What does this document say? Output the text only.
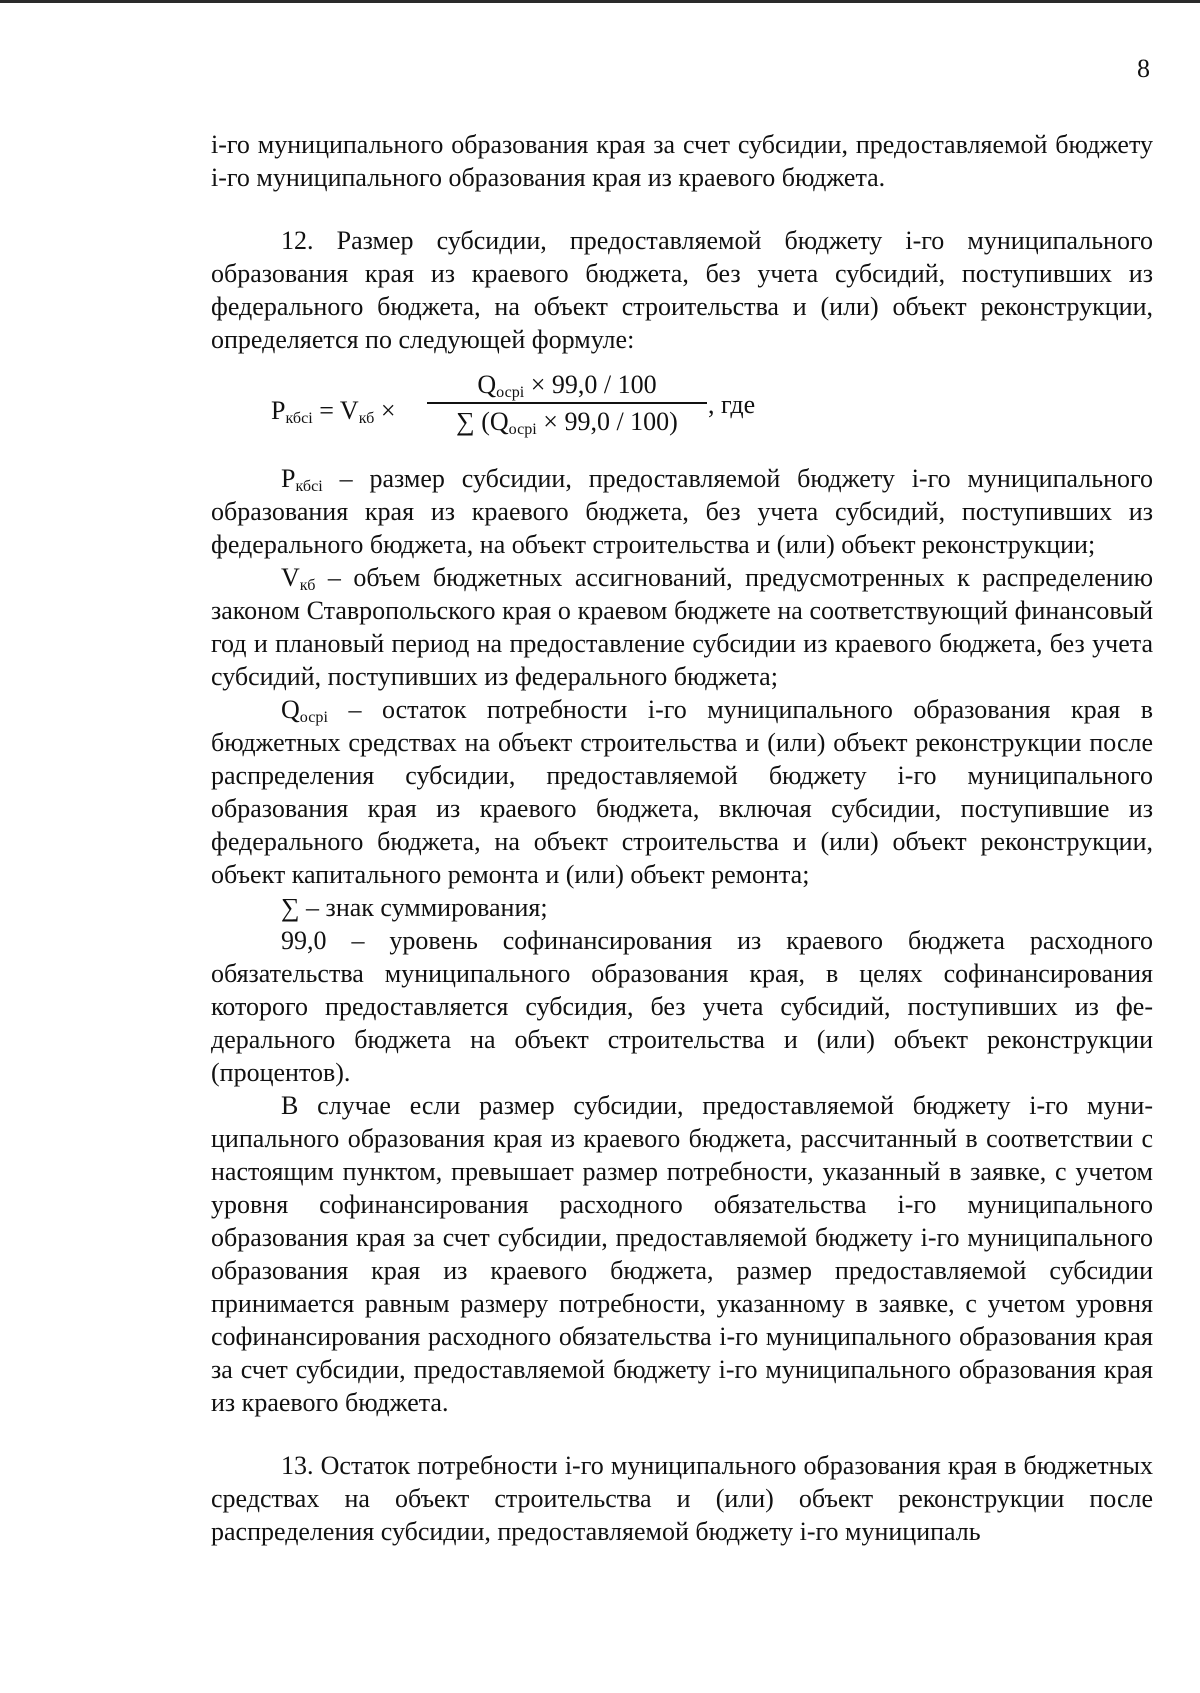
8

i-го муниципального образования края за счет субсидии, предоставляемой бюджету i-го муниципального образования края из краевого бюджета.

12. Размер субсидии, предоставляемой бюджету i-го муниципального образования края из краевого бюджета, без учета субсидий, поступивших из федерального бюджета, на объект строительства и (или) объект реконструкции, определяется по следующей формуле:

$P_{кбсi} = V_{кб}$ ×
$Q_{осрi} \times 99,0 / 100$
∑ $(Q_{осрi} \times 99,0 / 100)$
, где

$P_{кбсi}$ – размер субсидии, предоставляемой бюджету i-го муниципального образования края из краевого бюджета, без учета субсидий, поступивших из федерального бюджета, на объект строительства и (или) объект реконструкции;

$V_{кб}$ – объем бюджетных ассигнований, предусмотренных к распределению законом Ставропольского края о краевом бюджете на соответствующий финансовый год и плановый период на предоставление субсидии из краевого бюджета, без учета субсидий, поступивших из федерального бюджета;

$Q_{осрi}$ – остаток потребности i-го муниципального образования края в бюджетных средствах на объект строительства и (или) объект реконструкции после распределения субсидии, предоставляемой бюджету i-го муниципального образования края из краевого бюджета, включая субсидии, поступившие из федерального бюджета, на объект строительства и (или) объект реконструкции, объект капитального ремонта и (или) объект ремонта;

∑ – знак суммирования;

99,0 – уровень софинансирования из краевого бюджета расходного обязательства муниципального образования края, в целях софинансирования которого предоставляется субсидия, без учета субсидий, поступивших из федерального бюджета на объект строительства и (или) объект реконструкции (процентов).

В случае если размер субсидии, предоставляемой бюджету i-го муниципального образования края из краевого бюджета, рассчитанный в соответствии с настоящим пунктом, превышает размер потребности, указанный в заявке, с учетом уровня софинансирования расходного обязательства i-го муниципального образования края за счет субсидии, предоставляемой бюджету i-го муниципального образования края из краевого бюджета, размер предоставляемой субсидии принимается равным размеру потребности, указанному в заявке, с учетом уровня софинансирования расходного обязательства i-го муниципального образования края за счет субсидии, предоставляемой бюджету i-го муниципального образования края из краевого бюджета.

13. Остаток потребности i-го муниципального образования края в бюджетных средствах на объект строительства и (или) объект реконструкции после распределения субсидии, предоставляемой бюджету i-го муниципаль
